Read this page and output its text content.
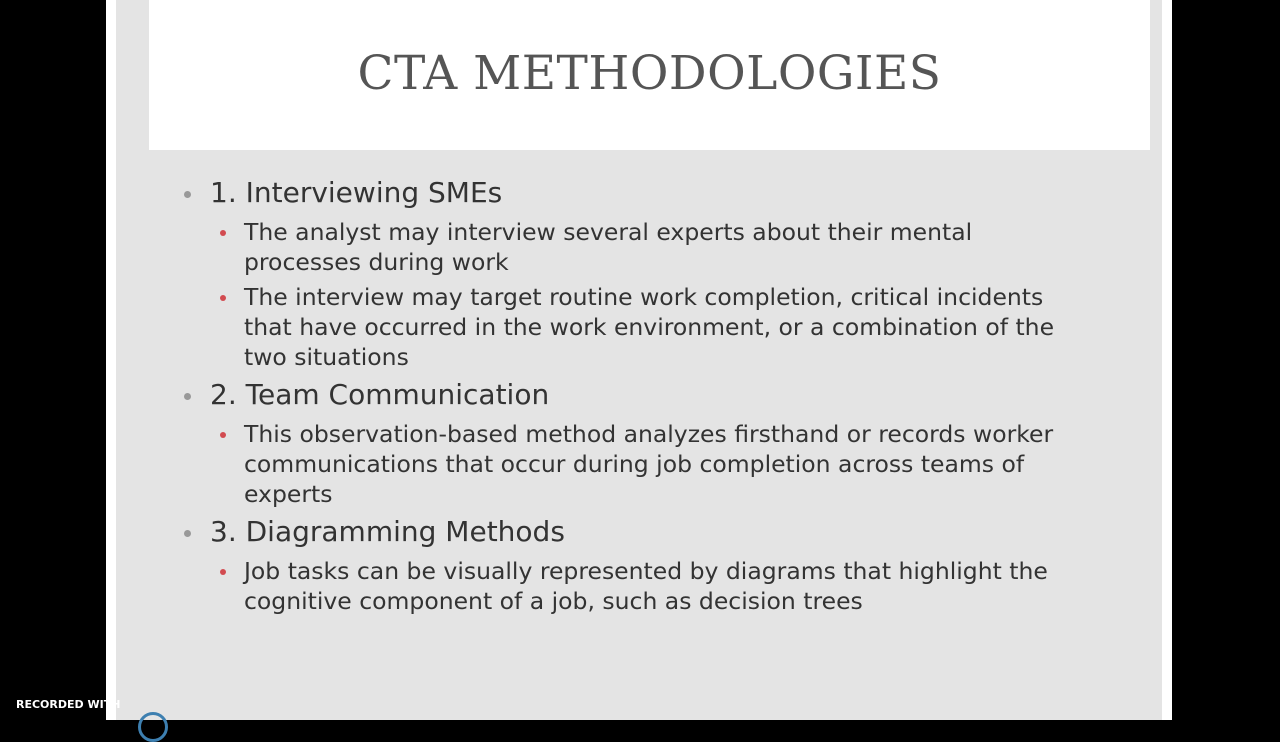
CTA METHODOLOGIES
1. Interviewing SMEs
The analyst may interview several experts about their mental processes during work
The interview may target routine work completion, critical incidents that have occurred in the work environment, or a combination of the two situations
2. Team Communication
This observation-based method analyzes firsthand or records worker communications that occur during job completion across teams of experts
3. Diagramming Methods
Job tasks can be visually represented by diagrams that highlight the cognitive component of a job, such as decision trees
RECORDED WITH
